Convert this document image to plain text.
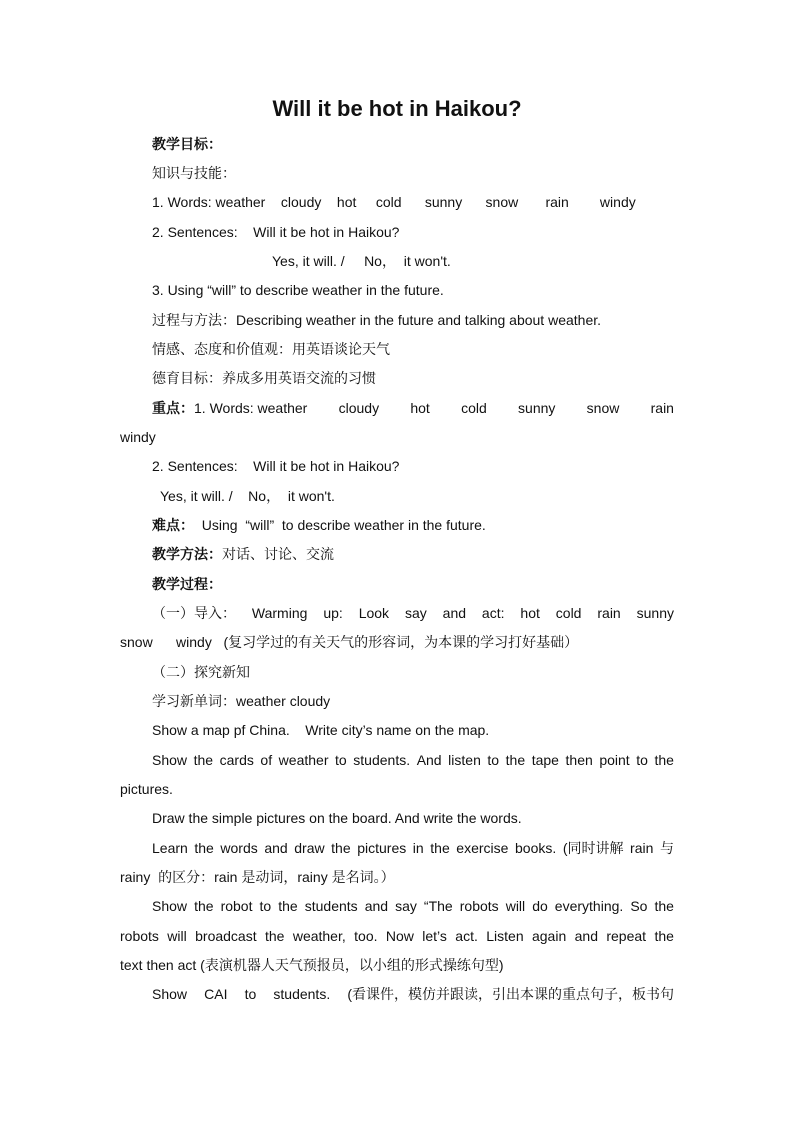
Will it be hot in Haikou?
教学目标：
知识与技能：
1. Words: weather    cloudy    hot     cold      sunny      snow       rain        windy
2. Sentences:    Will it be hot in Haikou?
Yes, it will. /     No，  it won't.
3. Using “will” to describe weather in the future.
过程与方法：Describing weather in the future and talking about weather.
情感、态度和价值观：用英语谈论天气
德育目标：养成多用英语交流的习惯
重点：1. Words: weather cloudy hot cold sunny snow rain
windy
2. Sentences:    Will it be hot in Haikou?
Yes, it will. /    No，  it won't.
难点：  Using  “will”  to describe weather in the future.
教学方法：对话、讨论、交流
教学过程：
（一）导入： Warming up: Look say and act: hot cold rain sunny
snow      windy   (复习学过的有关天气的形容词，为本课的学习打好基础）
（二）探究新知
学习新单词：weather cloudy
Show a map pf China.    Write city’s name on the map.
Show the cards of weather to students. And listen to the tape then point to the
pictures.
Draw the simple pictures on the board. And write the words.
Learn the words and draw the pictures in the exercise books. (同时讲解 rain 与
rainy  的区分：rain 是动词，rainy 是名词。）
Show the robot to the students and say “The robots will do everything. So the
robots will broadcast the weather, too. Now let’s act. Listen again and repeat the
text then act (表演机器人天气预报员，以小组的形式操练句型)
Show CAI to students. (看课件，模仿并跟读，引出本课的重点句子，板书句
